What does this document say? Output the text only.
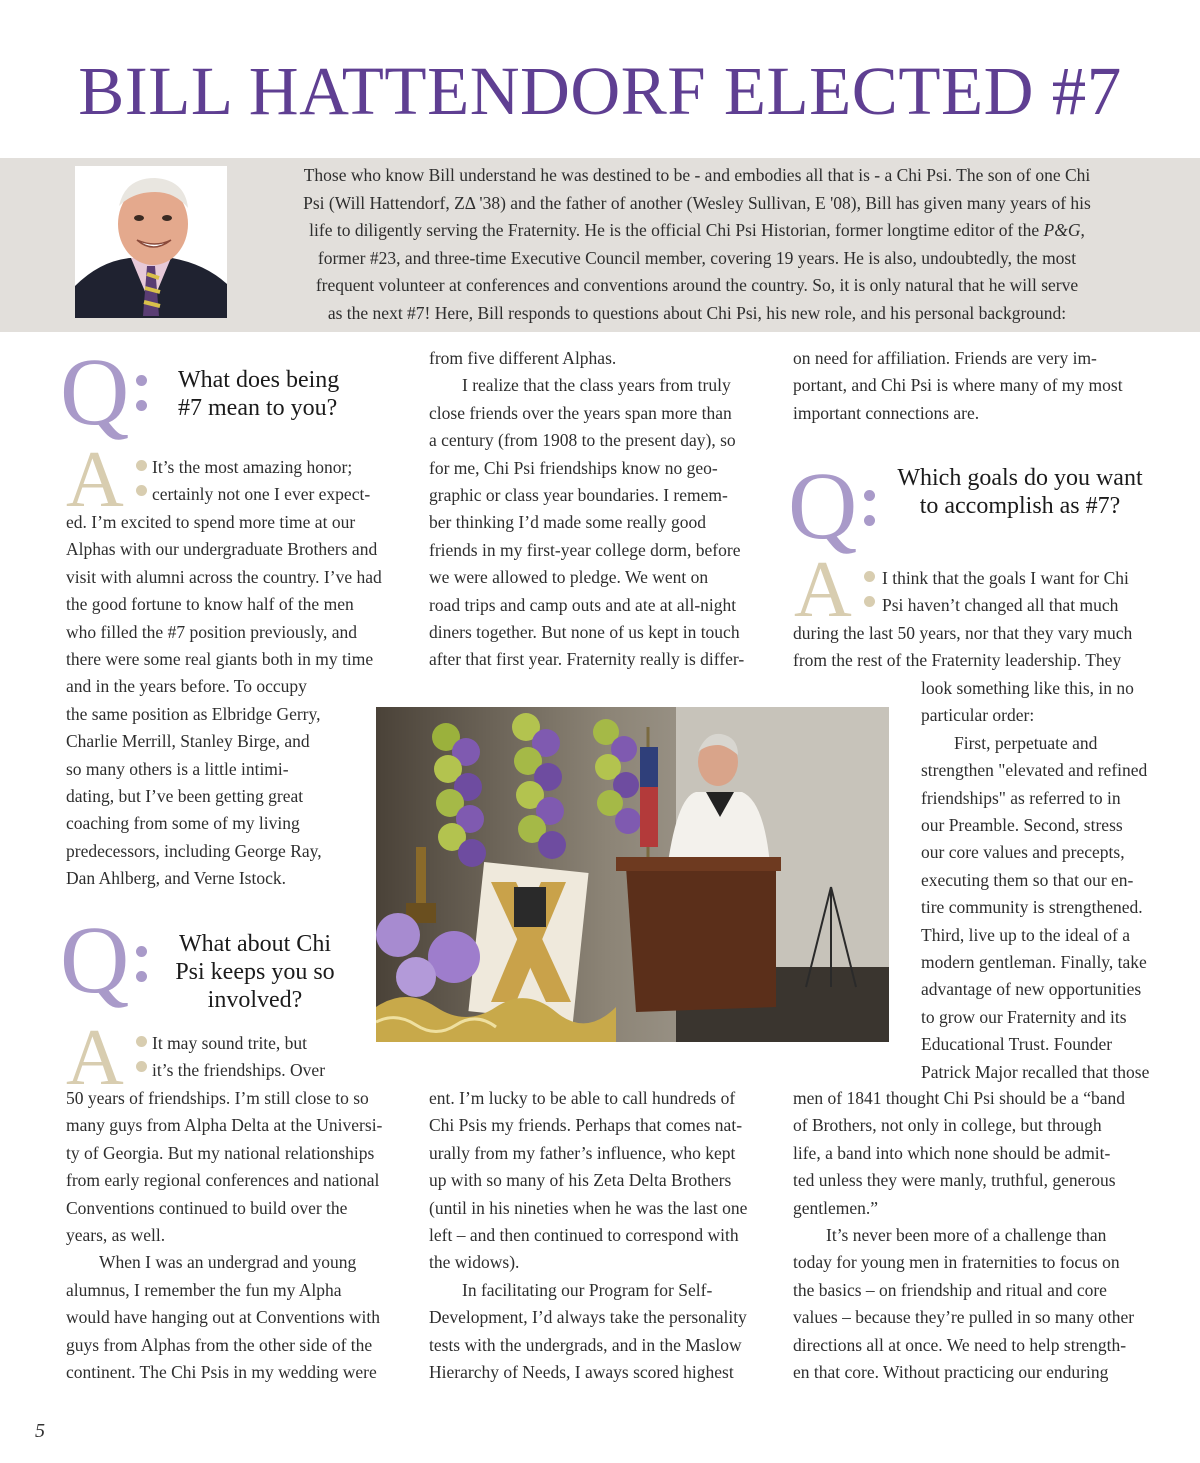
BILL HATTENDORF ELECTED #7
Those who know Bill understand he was destined to be - and embodies all that is - a Chi Psi. The son of one Chi
Psi (Will Hattendorf, ZΔ '38) and the father of another (Wesley Sullivan, E '08), Bill has given many years of his
life to diligently serving the Fraternity. He is the official Chi Psi Historian, former longtime editor of the P&G,
former #23, and three-time Executive Council member, covering 19 years. He is also, undoubtedly, the most
frequent volunteer at conferences and conventions around the country. So, it is only natural that he will serve
as the next #7! Here, Bill responds to questions about Chi Psi, his new role, and his personal background:
Q	What does being
#7 mean to you?
A It’s the most amazing honor;

certainly not one I ever expect-

ed. I’m excited to spend more time at our

Alphas with our undergraduate Brothers and

visit with alumni across the country. I’ve had

the good fortune to know half of the men

who filled the #7 position previously, and

there were some real giants both in my time

and in the years before. To occupy

the same position as Elbridge Gerry,

Charlie Merrill, Stanley Birge, and

so many others is a little intimi-

dating, but I’ve been getting great

coaching from some of my living

predecessors, including George Ray,

Dan Ahlberg, and Verne Istock.

Q	What about Chi
Psi keeps you so
involved?
A It may sound trite, but

it’s the friendships. Over

50 years of friendships. I’m still close to so

many guys from Alpha Delta at the Universi-

ty of Georgia. But my national relationships

from early regional conferences and national

Conventions continued to build over the

years, as well.

When I was an undergrad and young

alumnus, I remember the fun my Alpha

would have hanging out at Conventions with

guys from Alphas from the other side of the

continent. The Chi Psis in my wedding were

from five different Alphas.

I realize that the class years from truly

close friends over the years span more than

a century (from 1908 to the present day), so

for me, Chi Psi friendships know no geo-

graphic or class year boundaries. I remem-

ber thinking I’d made some really good

friends in my first-year college dorm, before

we were allowed to pledge. We went on

road trips and camp outs and ate at all-night

diners together. But none of us kept in touch

after that first year. Fraternity really is differ-

ent. I’m lucky to be able to call hundreds of

Chi Psis my friends. Perhaps that comes nat-

urally from my father’s influence, who kept

up with so many of his Zeta Delta Brothers

(until in his nineties when he was the last one

left – and then continued to correspond with

the widows).

In facilitating our Program for Self-

Development, I’d always take the personality

tests with the undergrads, and in the Maslow

Hierarchy of Needs, I aways scored highest

on need for affiliation. Friends are very im-

portant, and Chi Psi is where many of my most

important connections are.

Q	Which goals do you want
to accomplish as #7?
A I think that the goals I want for Chi

Psi haven’t changed all that much

during the last 50 years, nor that they vary much

from the rest of the Fraternity leadership. They

look something like this, in no

particular order:

First, perpetuate and

strengthen "elevated and refined

friendships" as referred to in

our Preamble. Second, stress

our core values and precepts,

executing them so that our en-

tire community is strengthened.

Third, live up to the ideal of a

modern gentleman. Finally, take

advantage of new opportunities

to grow our Fraternity and its

Educational Trust. Founder

Patrick Major recalled that those

men of 1841 thought Chi Psi should be a “band

of Brothers, not only in college, but through

life, a band into which none should be admit-

ted unless they were manly, truthful, generous

gentlemen.”

It’s never been more of a challenge than

today for young men in fraternities to focus on

the basics – on friendship and ritual and core

values – because they’re pulled in so many other

directions all at once. We need to help strength-

en that core. Without practicing our enduring

5
